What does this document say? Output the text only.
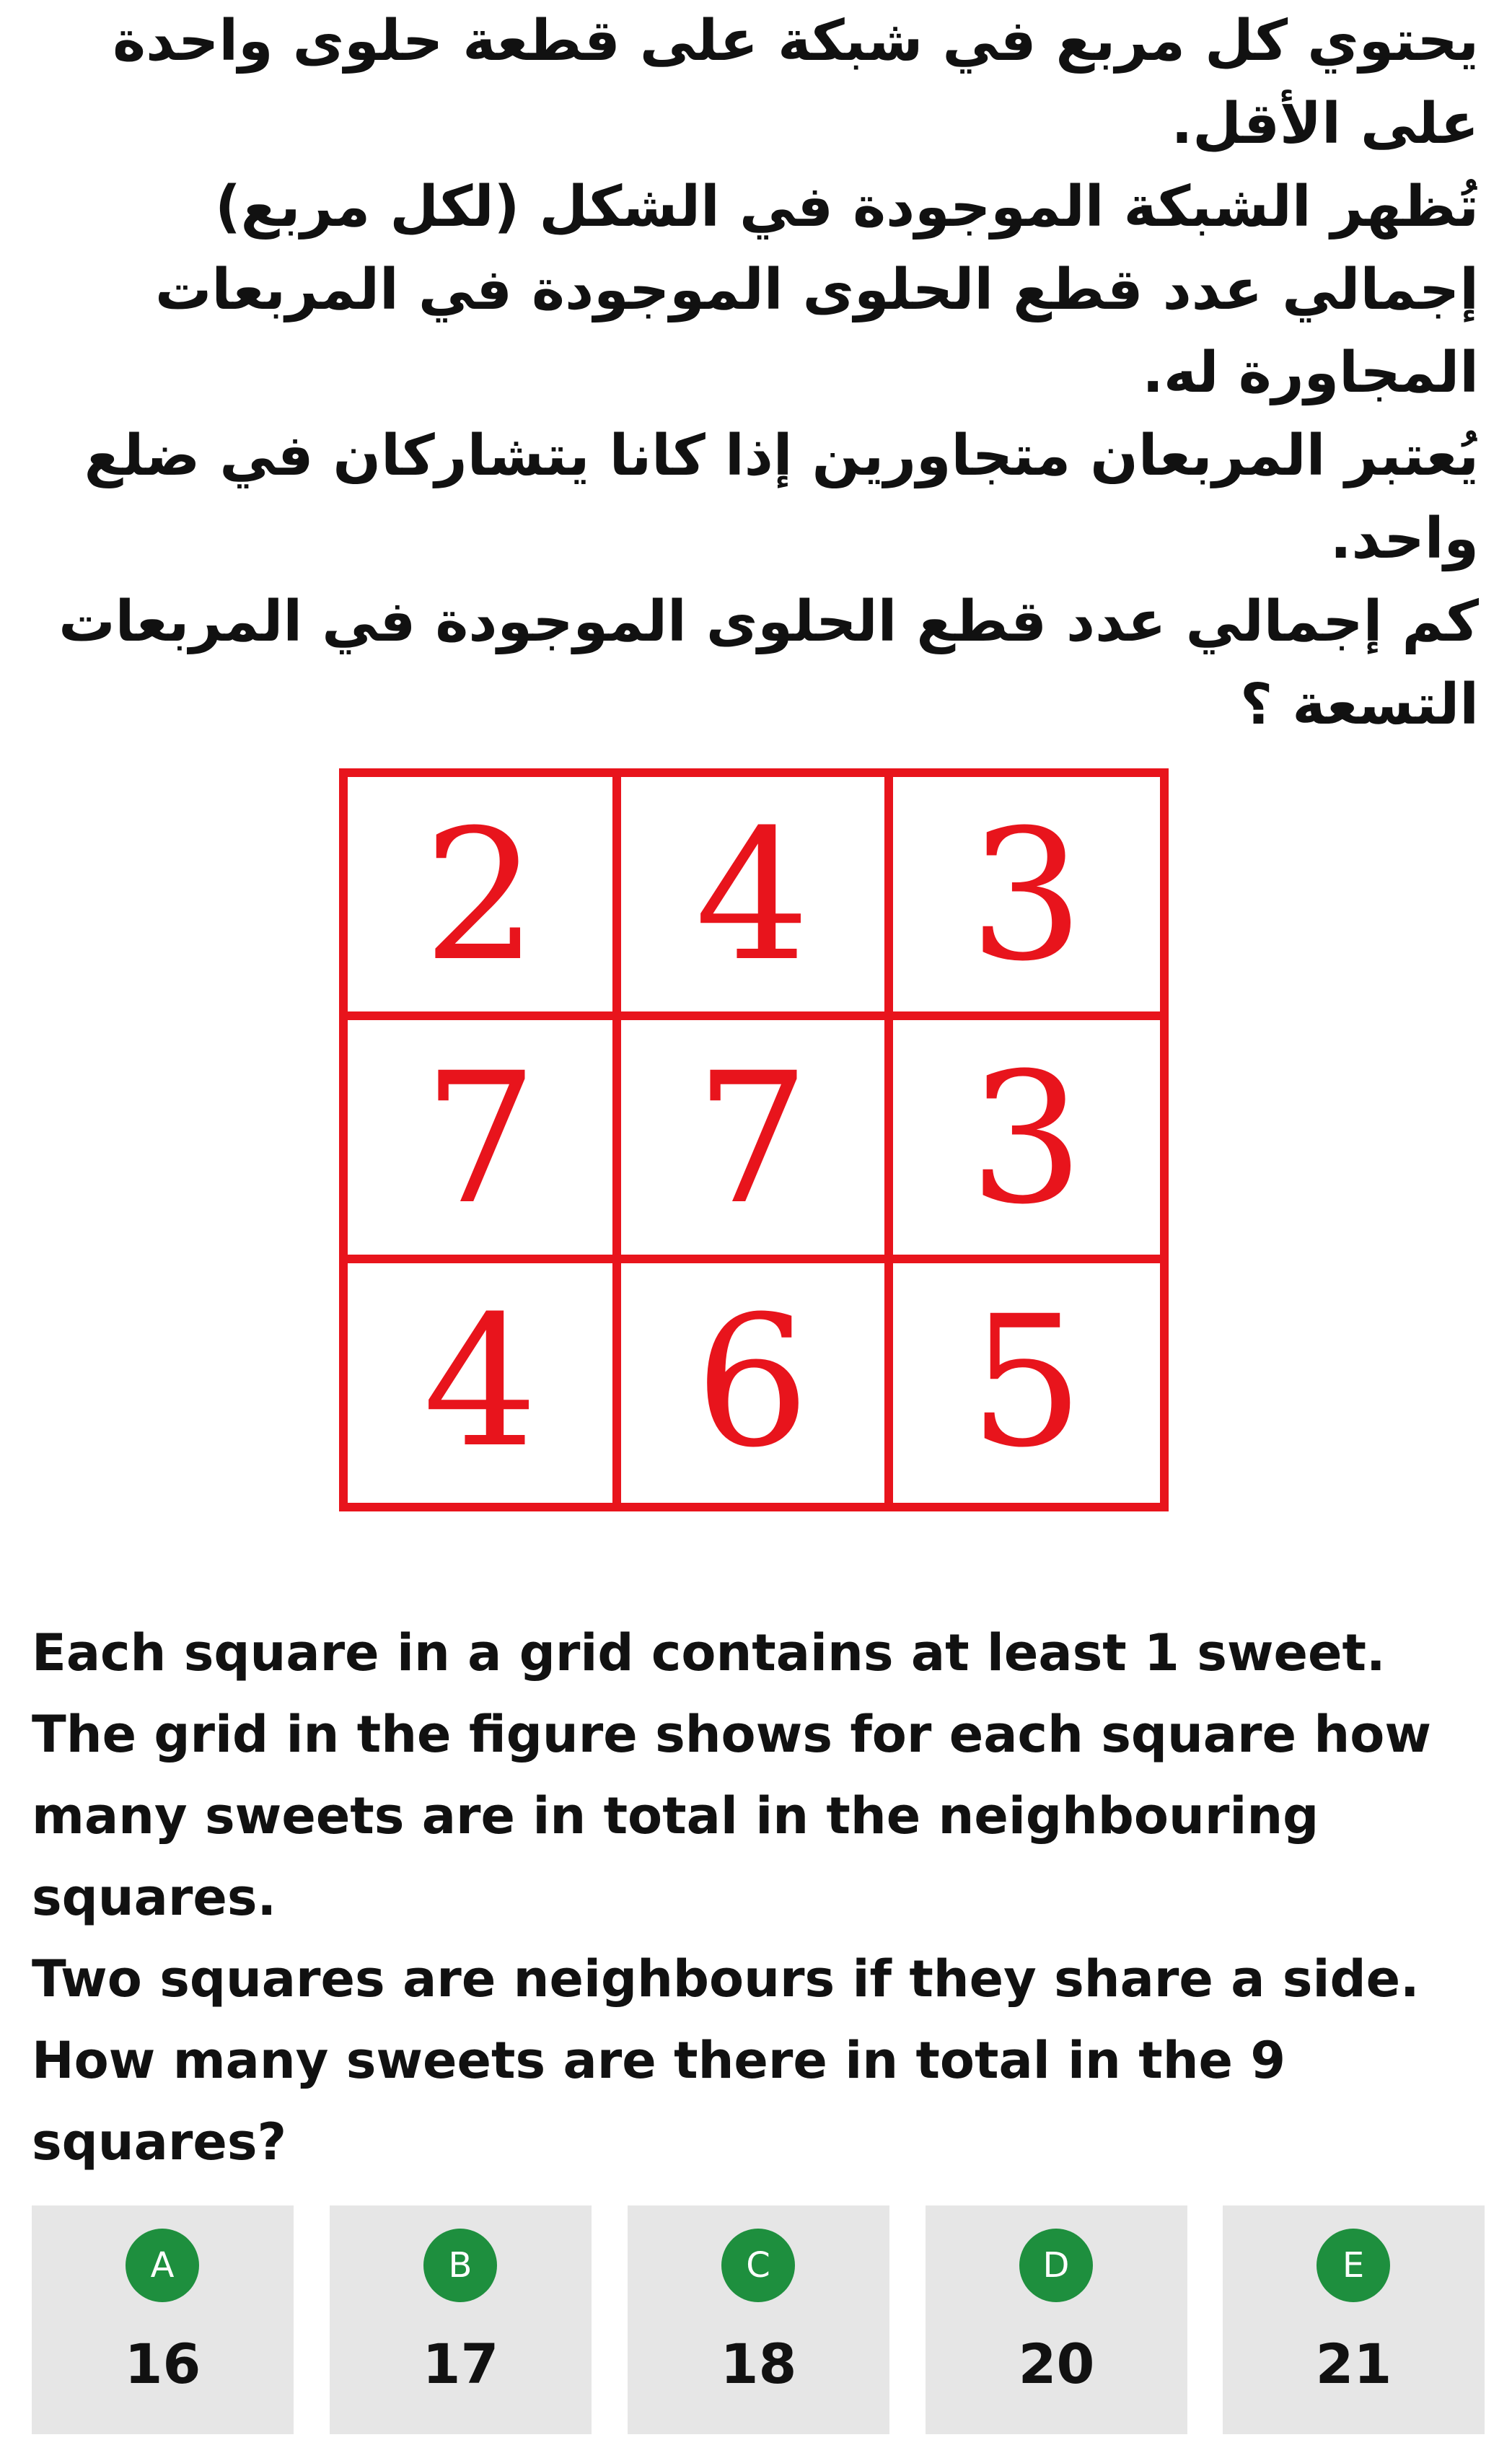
يحتوي كل مربع في شبكة على قطعة حلوى واحدة على الأقل.

تُظهر الشبكة الموجودة في الشكل (لكل مربع) إجمالي عدد قطع الحلوى الموجودة في المربعات المجاورة له.

يُعتبر المربعان متجاورين إذا كانا يتشاركان في ضلع واحد.

كم إجمالي عدد قطع الحلوى الموجودة في المربعات التسعة ؟

2 4 3
7 7 3
4 6 5

Each square in a grid contains at least 1 sweet.

The grid in the figure shows for each square how many sweets are in total in the neighbouring squares.

Two squares are neighbours if they share a side.

How many sweets are there in total in the 9 squares?

A
16
B
17
C
18
D
20
E
21
